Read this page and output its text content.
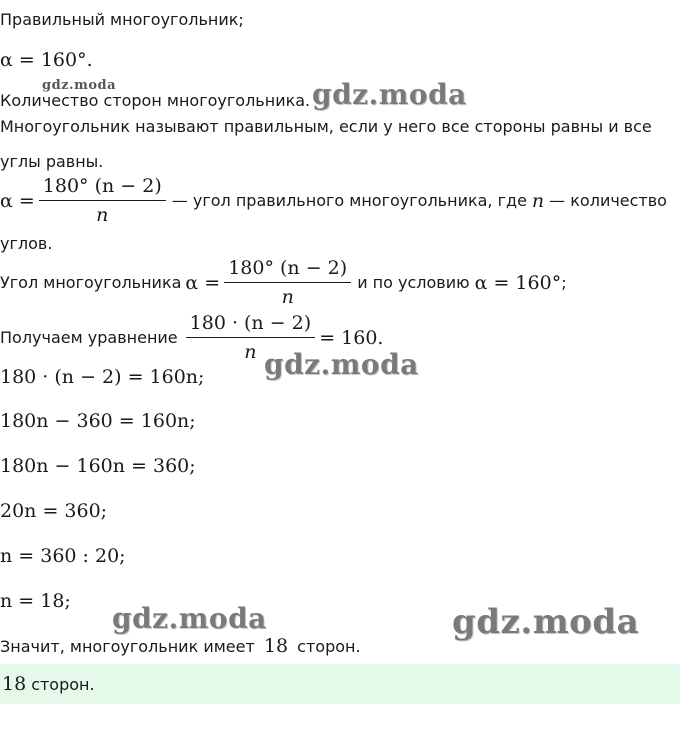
Правильный многоугольник;
α = 160°.
gdz.moda
Количество сторон многоугольника. gdz.moda
Многоугольник называют правильным, если у него все стороны равны и все
углы равны.
$\alpha = \frac{180^\circ (n - 2)}{n}$ — угол правильного многоугольника, где n — количество
углов.
Угол многоугольника $\alpha = \frac{180^\circ (n - 2)}{n}$ и по условию α = 160° ;
Получаем уравнение $\frac{180 \cdot (n - 2)}{n} = 160$.
gdz.moda
180 · (n − 2) = 160n;
180n − 360 = 160n;
180n − 160n = 360;
20n = 360;
n = 360 : 20;
n = 18;
gdz.moda	gdz.moda
Значит, многоугольник имеет 18 сторон.
18 сторон.
